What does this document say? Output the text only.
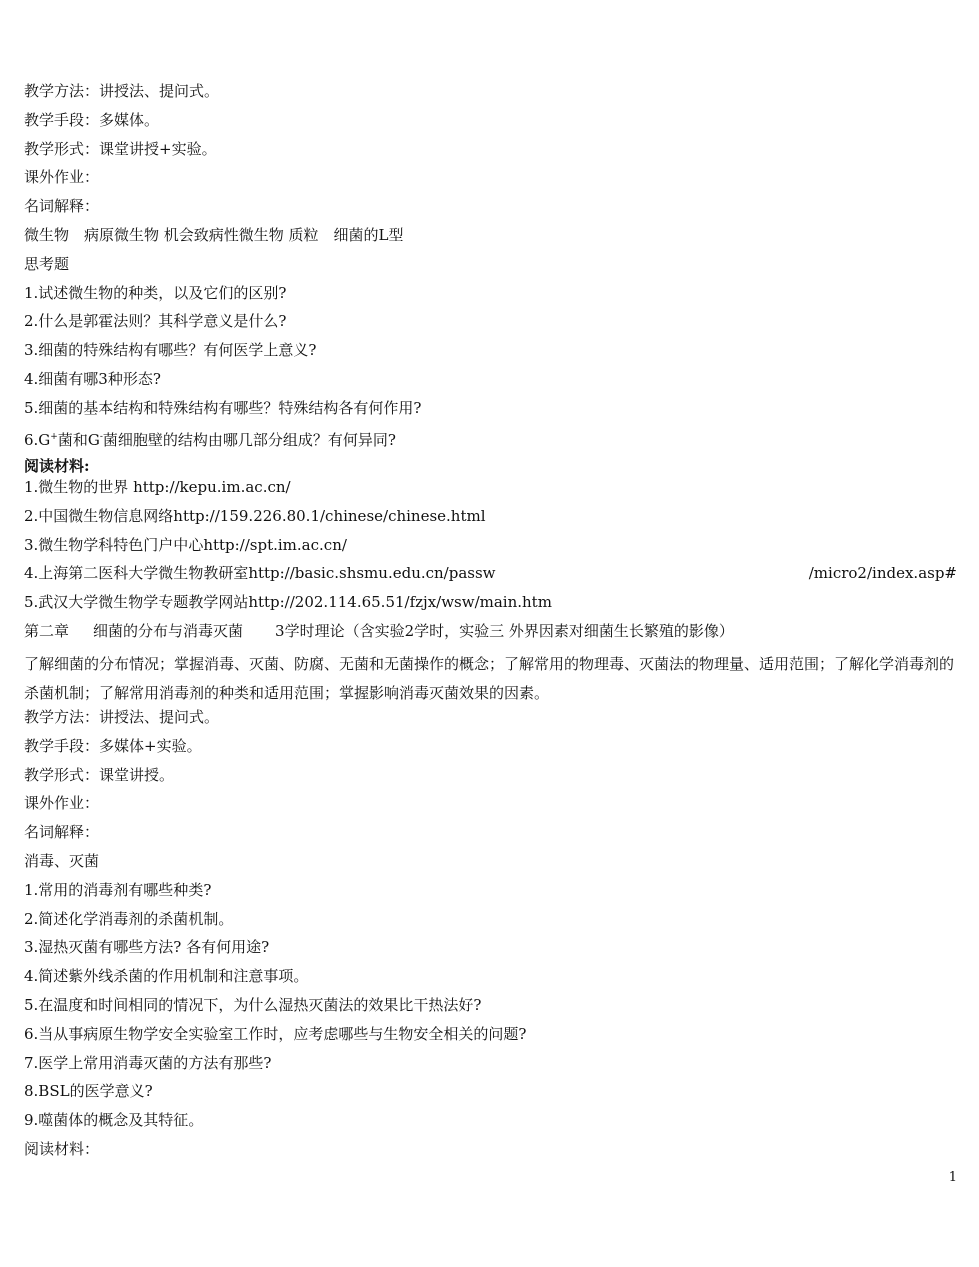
教学方法：讲授法、提问式。
教学手段：多媒体。
教学形式：课堂讲授+实验。
课外作业：
名词解释：
微生物　病原微生物 机会致病性微生物 质粒　细菌的L型
思考题
1.试述微生物的种类，以及它们的区别?
2.什么是郭霍法则？其科学意义是什么?
3.细菌的特殊结构有哪些？有何医学上意义?
4.细菌有哪3种形态?
5.细菌的基本结构和特殊结构有哪些？特殊结构各有何作用?
6.G+菌和G-菌细胞壁的结构由哪几部分组成？有何异同?
阅读材料:
1.微生物的世界 http://kepu.im.ac.cn/
2.中国微生物信息网络http://159.226.80.1/chinese/chinese.html
3.微生物学科特色门户中心http://spt.im.ac.cn/
4.上海第二医科大学微生物教研室http://basic.shsmu.edu.cn/passw	/micro2/index.asp#
5.武汉大学微生物学专题教学网站http://202.114.65.51/fzjx/wsw/main.htm
第二章 细菌的分布与消毒灭菌 3学时理论（含实验2学时，实验三 外界因素对细菌生长繁殖的影像）
了解细菌的分布情况；掌握消毒、灭菌、防腐、无菌和无菌操作的概念；了解常用的物理毒、灭菌法的物理量、适用范围；了解化学消毒剂的杀菌机制；了解常用消毒剂的种类和适用范围；掌握影响消毒灭菌效果的因素。
教学方法：讲授法、提问式。
教学手段：多媒体+实验。
教学形式：课堂讲授。
课外作业：
名词解释：
消毒、灭菌
1.常用的消毒剂有哪些种类?
2.简述化学消毒剂的杀菌机制。
3.湿热灭菌有哪些方法? 各有何用途?
4.简述紫外线杀菌的作用机制和注意事项。
5.在温度和时间相同的情况下，为什么湿热灭菌法的效果比干热法好?
6.当从事病原生物学安全实验室工作时，应考虑哪些与生物安全相关的问题?
7.医学上常用消毒灭菌的方法有那些?
8.BSL的医学意义?
9.噬菌体的概念及其特征。
阅读材料：
1
